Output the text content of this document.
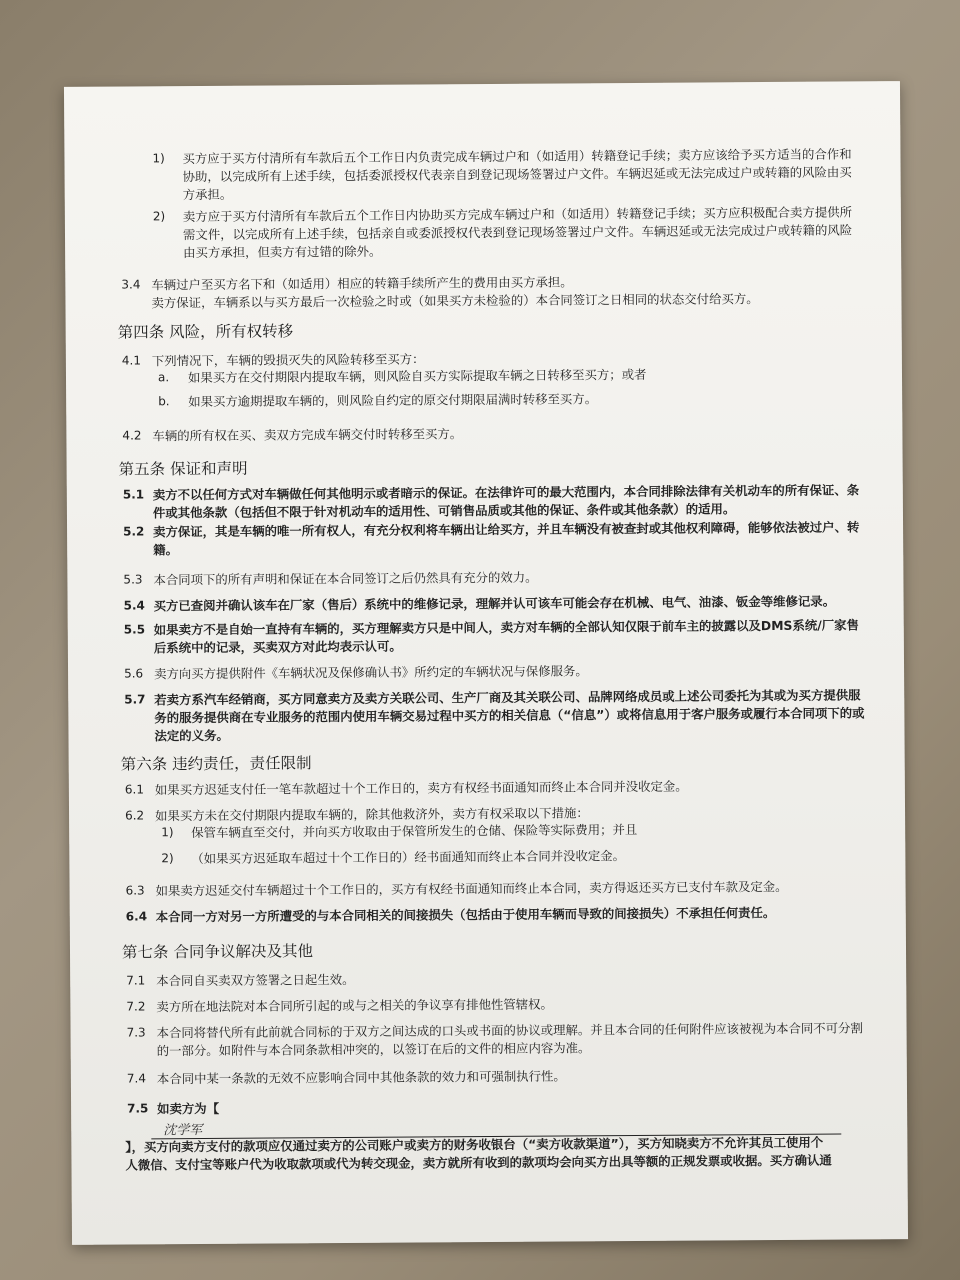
沈学军
1) 买方应于买方付清所有车款后五个工作日内负责完成车辆过户和（如适用）转籍登记手续；卖方应该给予买方适当的合作和
协助，以完成所有上述手续，包括委派授权代表亲自到登记现场签署过户文件。车辆迟延或无法完成过户或转籍的风险由买
方承担。
2) 卖方应于买方付清所有车款后五个工作日内协助买方完成车辆过户和（如适用）转籍登记手续；买方应积极配合卖方提供所
需文件，以完成所有上述手续，包括亲自或委派授权代表到登记现场签署过户文件。车辆迟延或无法完成过户或转籍的风险
由买方承担，但卖方有过错的除外。
3.4 车辆过户至买方名下和（如适用）相应的转籍手续所产生的费用由买方承担。
卖方保证，车辆系以与买方最后一次检验之时或（如果买方未检验的）本合同签订之日相同的状态交付给买方。
第四条 风险，所有权转移
4.1 下列情况下，车辆的毁损灭失的风险转移至买方：
a. 如果买方在交付期限内提取车辆，则风险自买方实际提取车辆之日转移至买方；或者
b. 如果买方逾期提取车辆的，则风险自约定的原交付期限届满时转移至买方。
4.2 车辆的所有权在买、卖双方完成车辆交付时转移至买方。
第五条 保证和声明
5.1 卖方不以任何方式对车辆做任何其他明示或者暗示的保证。在法律许可的最大范围内，本合同排除法律有关机动车的所有保证、条
件或其他条款（包括但不限于针对机动车的适用性、可销售品质或其他的保证、条件或其他条款）的适用。
5.2 卖方保证，其是车辆的唯一所有权人，有充分权利将车辆出让给买方，并且车辆没有被查封或其他权利障碍，能够依法被过户、转
籍。
5.3 本合同项下的所有声明和保证在本合同签订之后仍然具有充分的效力。
5.4 买方已查阅并确认该车在厂家（售后）系统中的维修记录，理解并认可该车可能会存在机械、电气、油漆、钣金等维修记录。
5.5 如果卖方不是自始一直持有车辆的，买方理解卖方只是中间人，卖方对车辆的全部认知仅限于前车主的披露以及DMS系统/厂家售
后系统中的记录，买卖双方对此均表示认可。
5.6 卖方向买方提供附件《车辆状况及保修确认书》所约定的车辆状况与保修服务。
5.7 若卖方系汽车经销商，买方同意卖方及卖方关联公司、生产厂商及其关联公司、品牌网络成员或上述公司委托为其或为买方提供服
务的服务提供商在专业服务的范围内使用车辆交易过程中买方的相关信息（“信息”）或将信息用于客户服务或履行本合同项下的或
法定的义务。
第六条 违约责任，责任限制
6.1 如果买方迟延支付任一笔车款超过十个工作日的，卖方有权经书面通知而终止本合同并没收定金。
6.2 如果买方未在交付期限内提取车辆的，除其他救济外，卖方有权采取以下措施：
1) 保管车辆直至交付，并向买方收取由于保管所发生的仓储、保险等实际费用；并且
2) （如果买方迟延取车超过十个工作日的）经书面通知而终止本合同并没收定金。
6.3 如果卖方迟延交付车辆超过十个工作日的，买方有权经书面通知而终止本合同，卖方得返还买方已支付车款及定金。
6.4 本合同一方对另一方所遭受的与本合同相关的间接损失（包括由于使用车辆而导致的间接损失）不承担任何责任。
第七条 合同争议解决及其他
7.1 本合同自买卖双方签署之日起生效。
7.2 卖方所在地法院对本合同所引起的或与之相关的争议享有排他性管辖权。
7.3 本合同将替代所有此前就合同标的于双方之间达成的口头或书面的协议或理解。并且本合同的任何附件应该被视为本合同不可分割
的一部分。如附件与本合同条款相冲突的，以签订在后的文件的相应内容为准。
7.4 本合同中某一条款的无效不应影响合同中其他条款的效力和可强制执行性。
7.5 如卖方为【
】，买方向卖方支付的款项应仅通过卖方的公司账户或卖方的财务收银台（“卖方收款渠道”），买方知晓卖方不允许其员工使用个
人微信、支付宝等账户代为收取款项或代为转交现金，卖方就所有收到的款项均会向买方出具等额的正规发票或收据。买方确认通
